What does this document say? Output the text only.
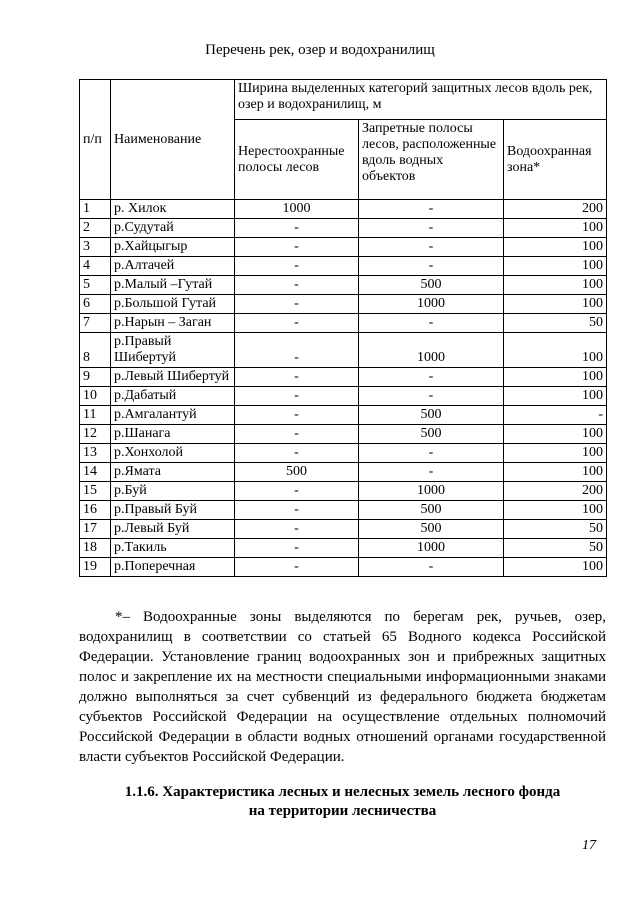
Перечень рек, озер и водохранилищ
п/п	Наименование	Ширина выделенных категорий защитных лесов вдоль рек, озер и водохранилищ, м		
		Нерестоохранные полосы лесов	Запретные полосы лесов, расположенные вдоль водных объектов	Водоохранная зона*
1	р. Хилок	1000	-	200
2	р.Судутай	-	-	100
3	р.Хайцыгыр	-	-	100
4	р.Алтачей	-	-	100
5	р.Малый –Гутай	-	500	100
6	р.Большой Гутай	-	1000	100
7	р.Нарын – Заган	-	-	50
8	р.Правый Шибертуй	-	1000	100
9	р.Левый Шибертуй	-	-	100
10	р.Дабатый	-	-	100
11	р.Амгалантуй	-	500	-
12	р.Шанага	-	500	100
13	р.Хонхолой	-	-	100
14	р.Ямата	500	-	100
15	р.Буй	-	1000	200
16	р.Правый Буй	-	500	100
17	р.Левый Буй	-	500	50
18	р.Такиль	-	1000	50
19	р.Поперечная	-	-	100
*– Водоохранные зоны выделяются по берегам рек, ручьев, озер, водохранилищ в соответствии со статьей 65 Водного кодекса Российской Федерации. Установление границ водоохранных зон и прибрежных защитных полос и закрепление их на местности специальными информационными знаками должно выполняться за счет субвенций из федерального бюджета бюджетам субъектов Российской Федерации на осуществление отдельных полномочий Российской Федерации в области водных отношений органами государственной власти субъектов Российской Федерации.
1.1.6. Характеристика лесных и нелесных земель лесного фонда
на территории лесничества
17
